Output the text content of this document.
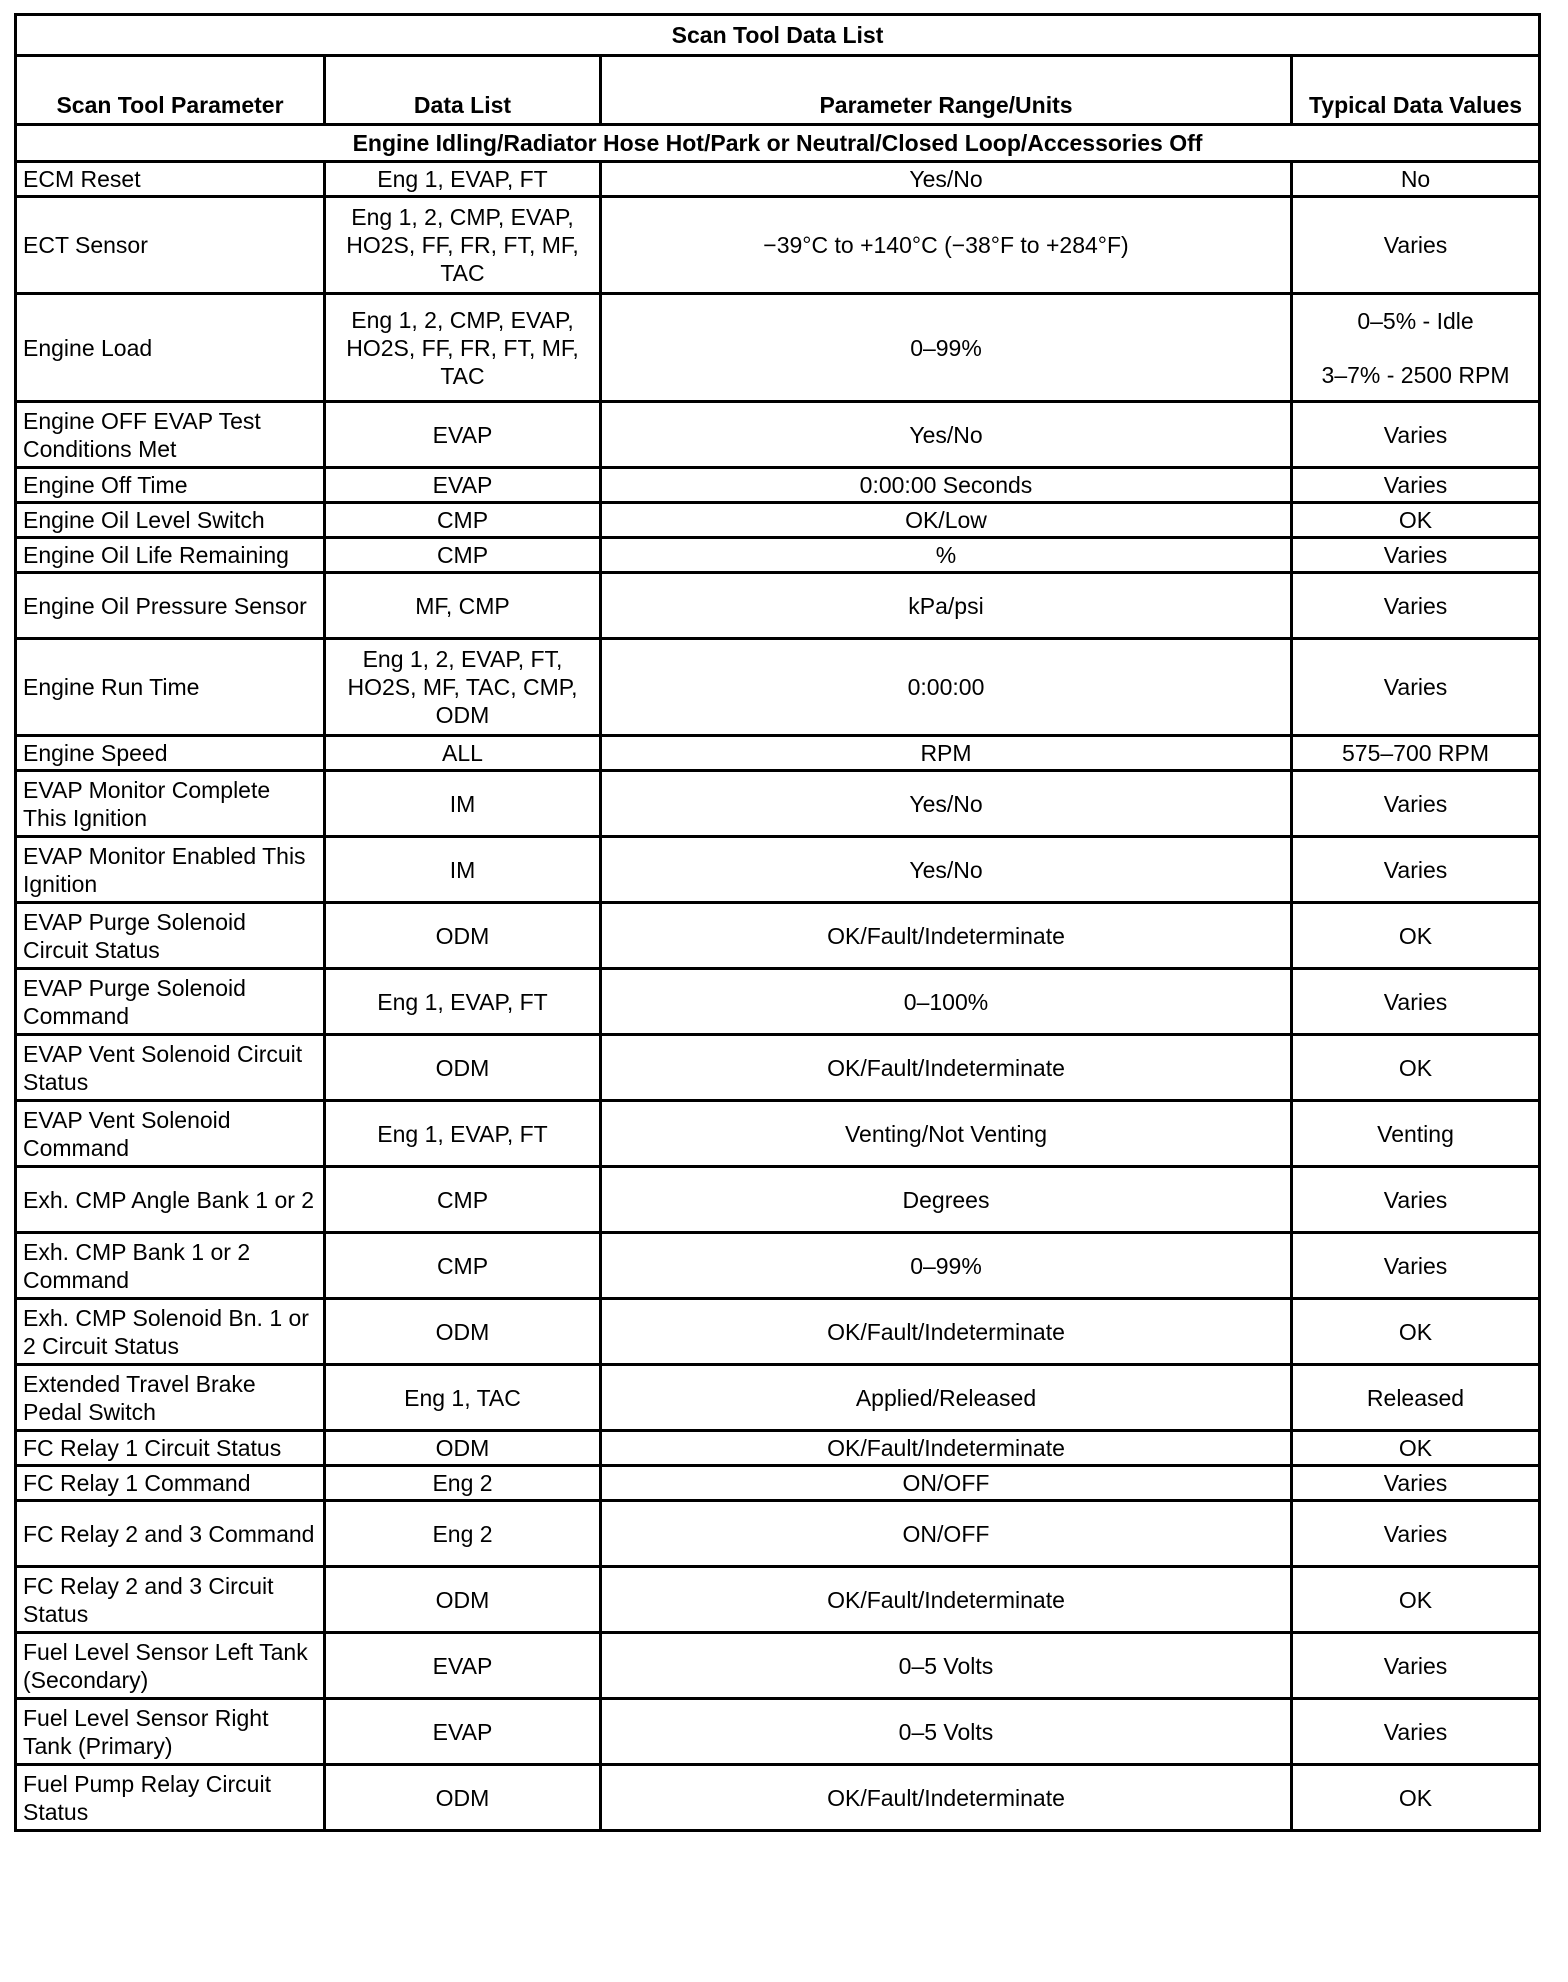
Scan Tool Data List			
Scan Tool Parameter	Data List	Parameter Range/Units	Typical Data Values
Engine Idling/Radiator Hose Hot/Park or Neutral/Closed Loop/Accessories Off			
ECM Reset	Eng 1, EVAP, FT	Yes/No	No

ECT Sensor	Eng 1, 2, CMP, EVAP, HO2S, FF, FR, FT, MF, TAC	−39°C to +140°C (−38°F to +284°F)	Varies

Engine Load	Eng 1, 2, CMP, EVAP, HO2S, FF, FR, FT, MF, TAC	0–99%	0–5% - Idle
3–7% - 2500 RPM

Engine OFF EVAP Test Conditions Met	EVAP	Yes/No	Varies

Engine Off Time	EVAP	0:00:00 Seconds	Varies

Engine Oil Level Switch	CMP	OK/Low	OK

Engine Oil Life Remaining	CMP	%	Varies

Engine Oil Pressure Sensor	MF, CMP	kPa/psi	Varies

Engine Run Time	Eng 1, 2, EVAP, FT, HO2S, MF, TAC, CMP, ODM	0:00:00	Varies

Engine Speed	ALL	RPM	575–700 RPM

EVAP Monitor Complete This Ignition	IM	Yes/No	Varies

EVAP Monitor Enabled This Ignition	IM	Yes/No	Varies

EVAP Purge Solenoid Circuit Status	ODM	OK/Fault/Indeterminate	OK

EVAP Purge Solenoid Command	Eng 1, EVAP, FT	0–100%	Varies

EVAP Vent Solenoid Circuit Status	ODM	OK/Fault/Indeterminate	OK

EVAP Vent Solenoid Command	Eng 1, EVAP, FT	Venting/Not Venting	Venting

Exh. CMP Angle Bank 1 or 2	CMP	Degrees	Varies

Exh. CMP Bank 1 or 2 Command	CMP	0–99%	Varies

Exh. CMP Solenoid Bn. 1 or 2 Circuit Status	ODM	OK/Fault/Indeterminate	OK

Extended Travel Brake Pedal Switch	Eng 1, TAC	Applied/Released	Released

FC Relay 1 Circuit Status	ODM	OK/Fault/Indeterminate	OK

FC Relay 1 Command	Eng 2	ON/OFF	Varies

FC Relay 2 and 3 Command	Eng 2	ON/OFF	Varies

FC Relay 2 and 3 Circuit Status	ODM	OK/Fault/Indeterminate	OK

Fuel Level Sensor Left Tank (Secondary)	EVAP	0–5 Volts	Varies

Fuel Level Sensor Right Tank (Primary)	EVAP	0–5 Volts	Varies

Fuel Pump Relay Circuit Status	ODM	OK/Fault/Indeterminate	OK
